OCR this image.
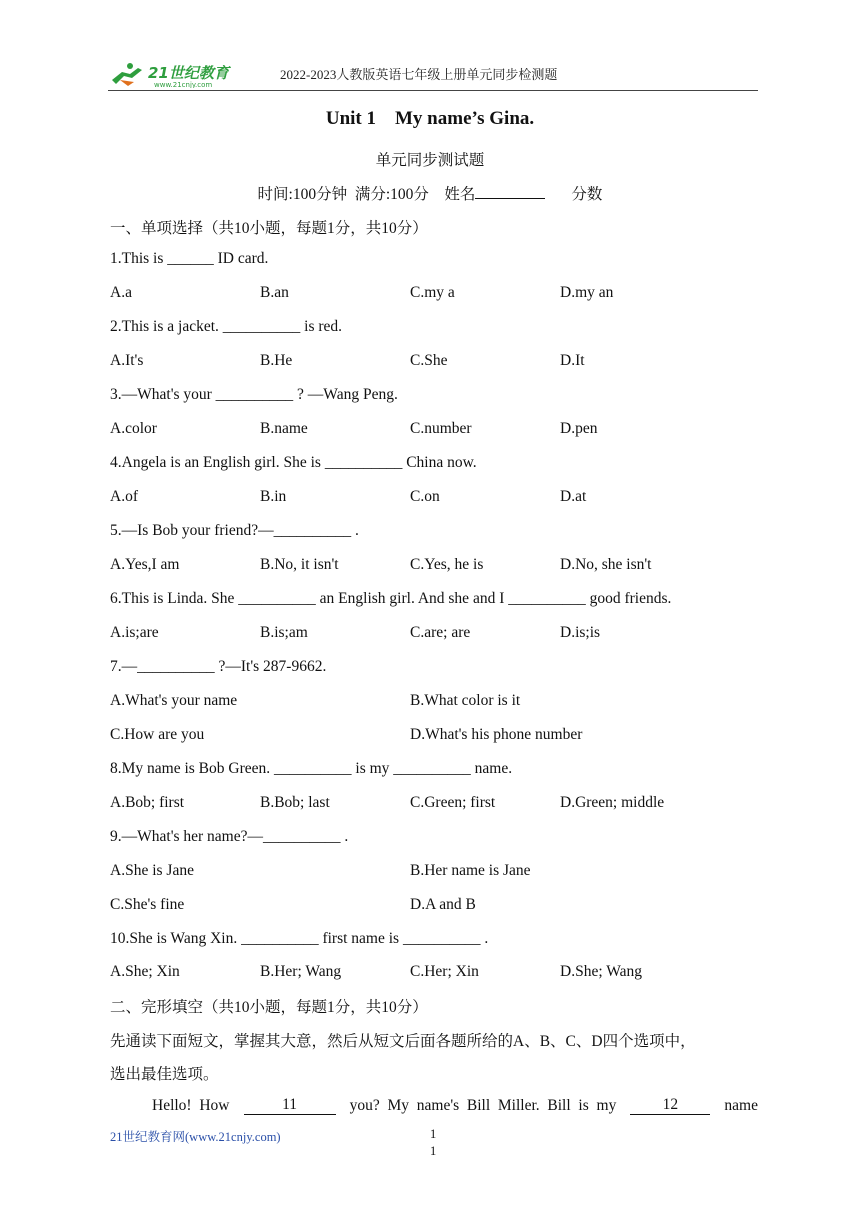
21世纪教育
www.21cnjy.com
2022-2023人教版英语七年级上册单元同步检测题
Unit 1    My name’s Gina.
单元同步测试题
时间:100分钟  满分:100分    姓名	分数
一、单项选择（共10小题，每题1分，共10分）
1.This is ______ ID card.
A.a	B.an	C.my a	D.my an
2.This is a jacket. __________ is red.
A.It's	B.He	C.She	D.It
3.—What's your __________ ? —Wang Peng.
A.color	B.name	C.number	D.pen
4.Angela is an English girl. She is __________ China now.
A.of	B.in	C.on	D.at
5.—Is Bob your friend?—__________ .
A.Yes,I am	B.No, it isn't	C.Yes, he is	D.No, she isn't
6.This is Linda. She __________ an English girl. And she and I __________ good friends.
A.is;are	B.is;am	C.are; are	D.is;is
7.—__________ ?—It's 287-9662.
A.What's your name	B.What color is it
C.How are you	D.What's his phone number
8.My name is Bob Green. __________ is my __________ name.
A.Bob; first	B.Bob; last	C.Green; first	D.Green; middle
9.—What's her name?—__________ .
A.She is Jane	B.Her name is Jane
C.She's fine	D.A and B
10.She is Wang Xin. __________ first name is __________ .
A.She; Xin	B.Her; Wang	C.Her; Xin	D.She; Wang
二、完形填空（共10小题，每题1分，共10分）
先通读下面短文，掌握其大意，然后从短文后面各题所给的A、B、C、D四个选项中，
选出最佳选项。
Hello!  How	11	you?  My  name's  Bill  Miller.  Bill  is  my	12	name
21世纪教育网(www.21cnjy.com)	1
1
